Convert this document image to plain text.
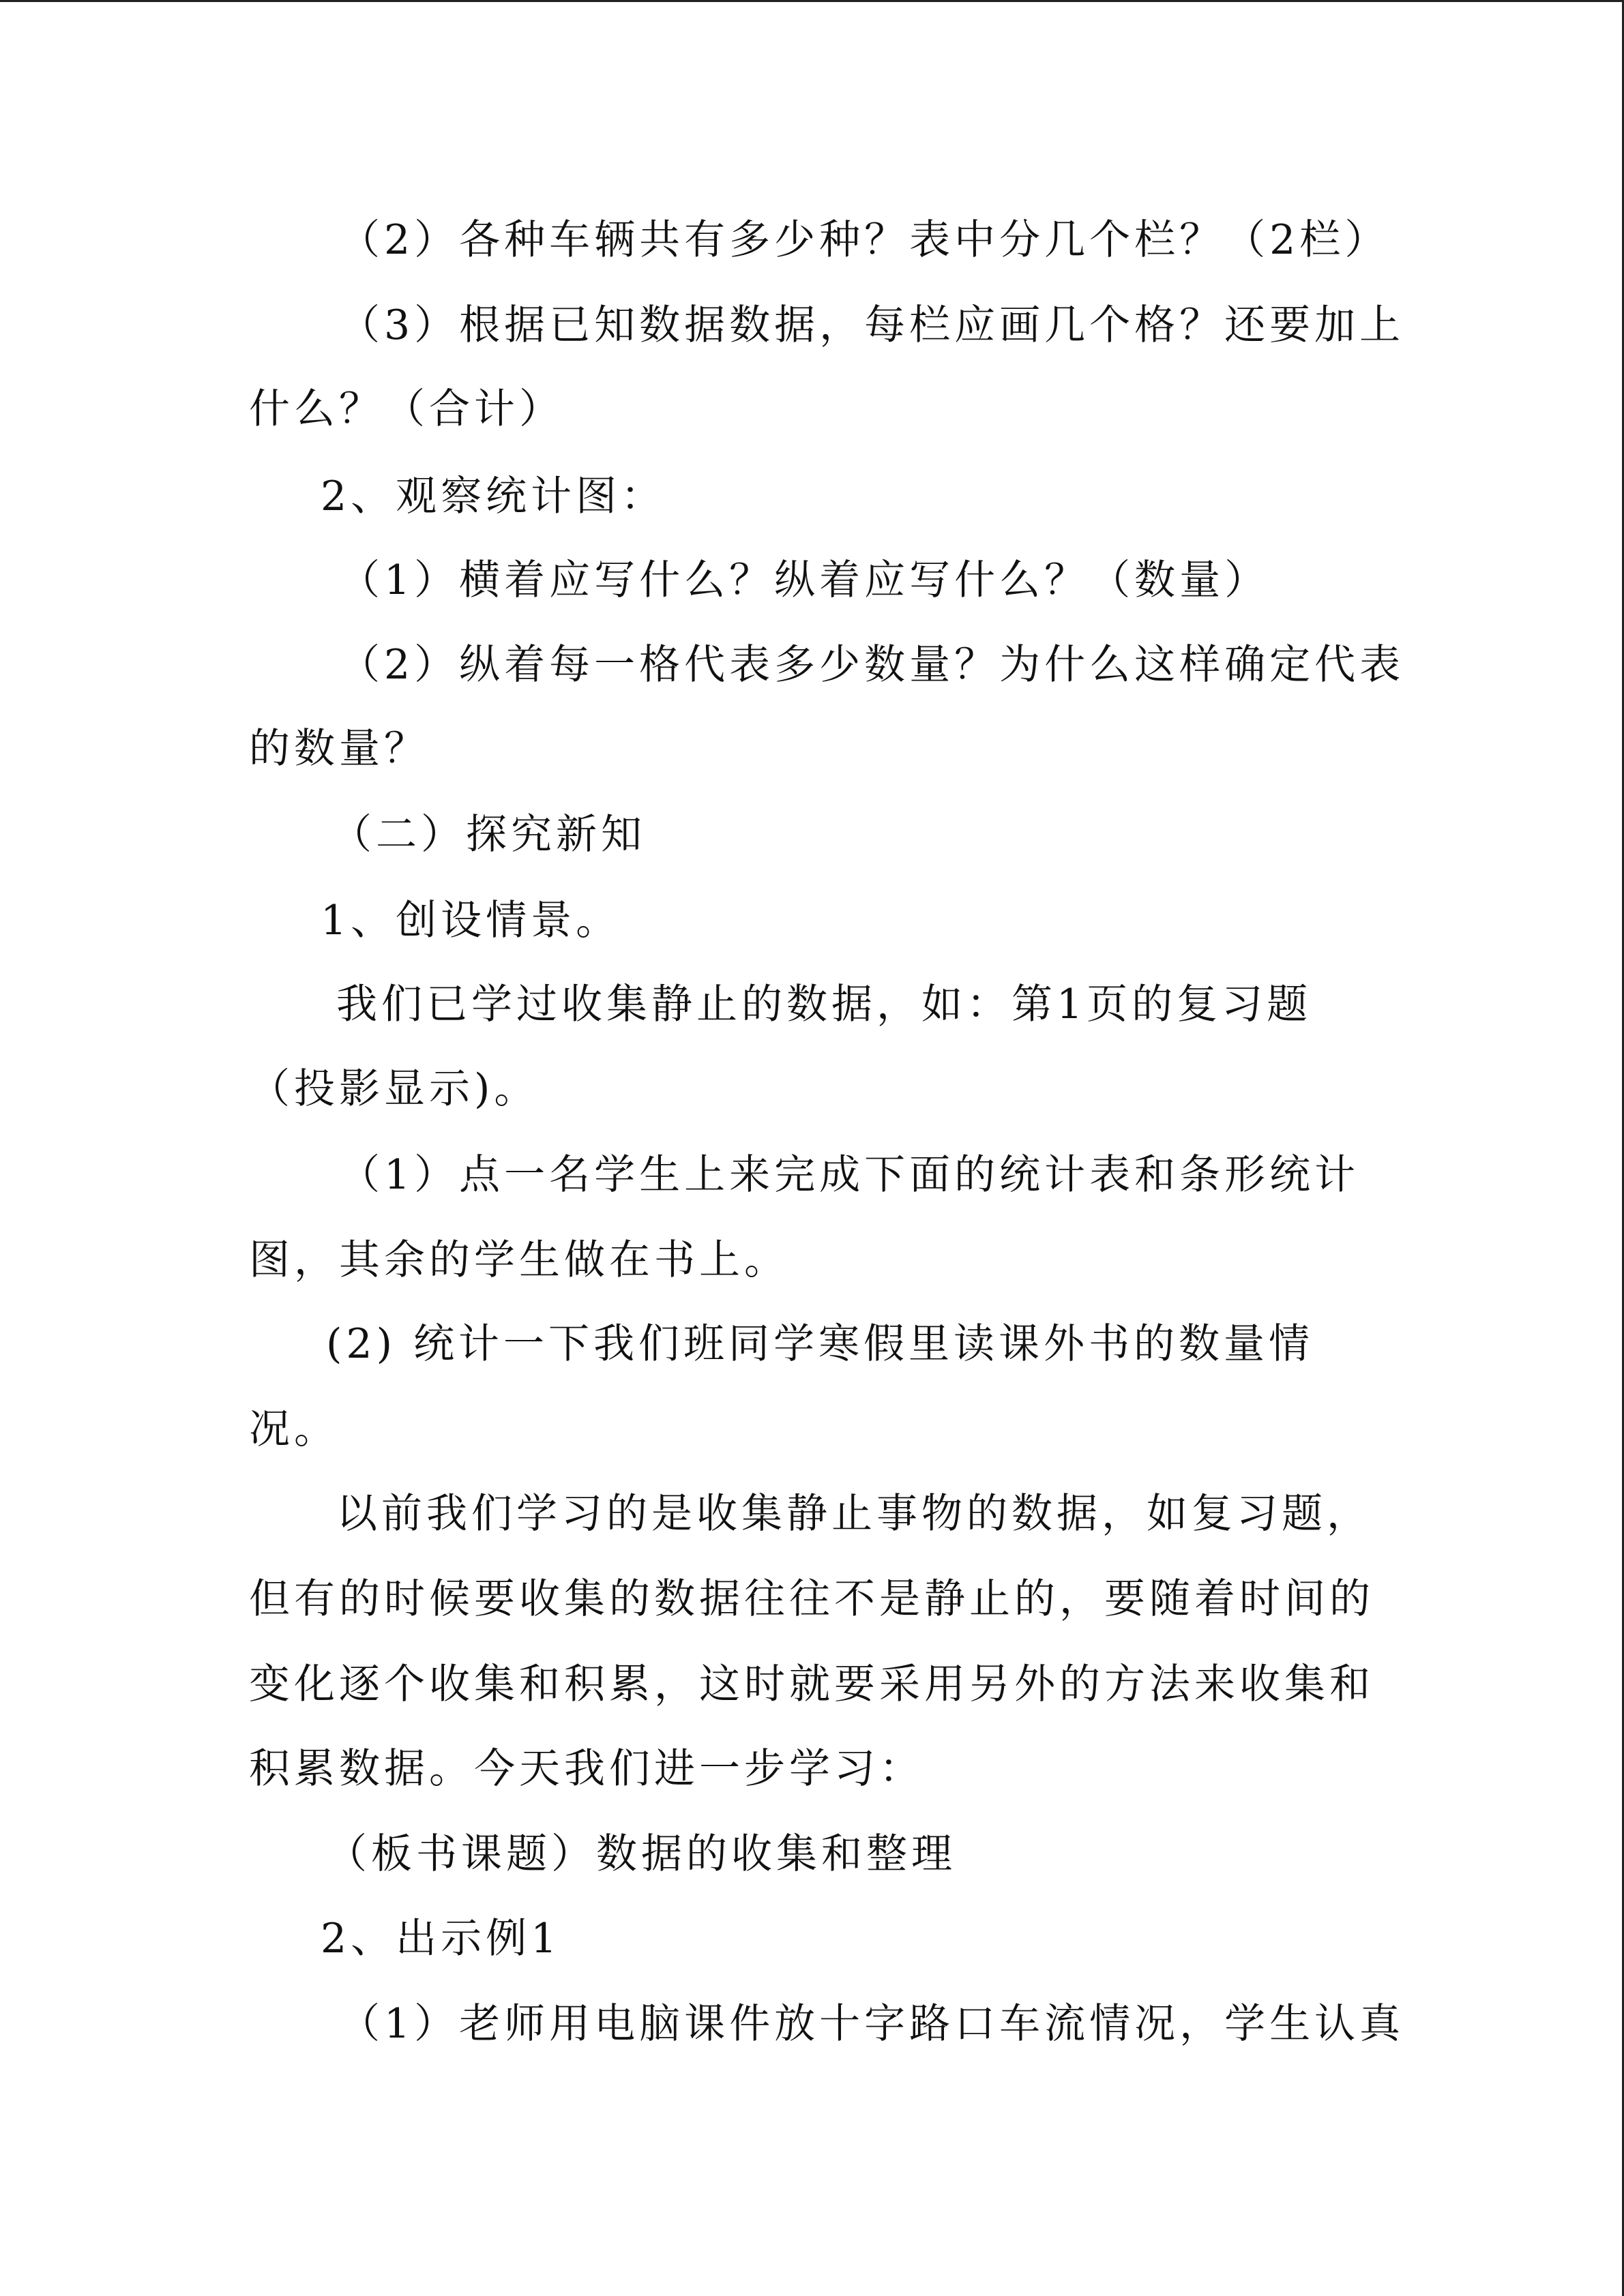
（2）各种车辆共有多少种？表中分几个栏？（2栏）
（3）根据已知数据数据，每栏应画几个格？还要加上
什么？（合计）
2、观察统计图：
（1）横着应写什么？纵着应写什么？（数量）
（2）纵着每一格代表多少数量？为什么这样确定代表
的数量？
（二）探究新知
1、创设情景。
我们已学过收集静止的数据，如：第1页的复习题
（投影显示)。
（1）点一名学生上来完成下面的统计表和条形统计
图，其余的学生做在书上。
(2) 统计一下我们班同学寒假里读课外书的数量情
况。
以前我们学习的是收集静止事物的数据，如复习题，
但有的时候要收集的数据往往不是静止的，要随着时间的
变化逐个收集和积累，这时就要采用另外的方法来收集和
积累数据。今天我们进一步学习：
（板书课题）数据的收集和整理
2、出示例1
（1）老师用电脑课件放十字路口车流情况，学生认真
